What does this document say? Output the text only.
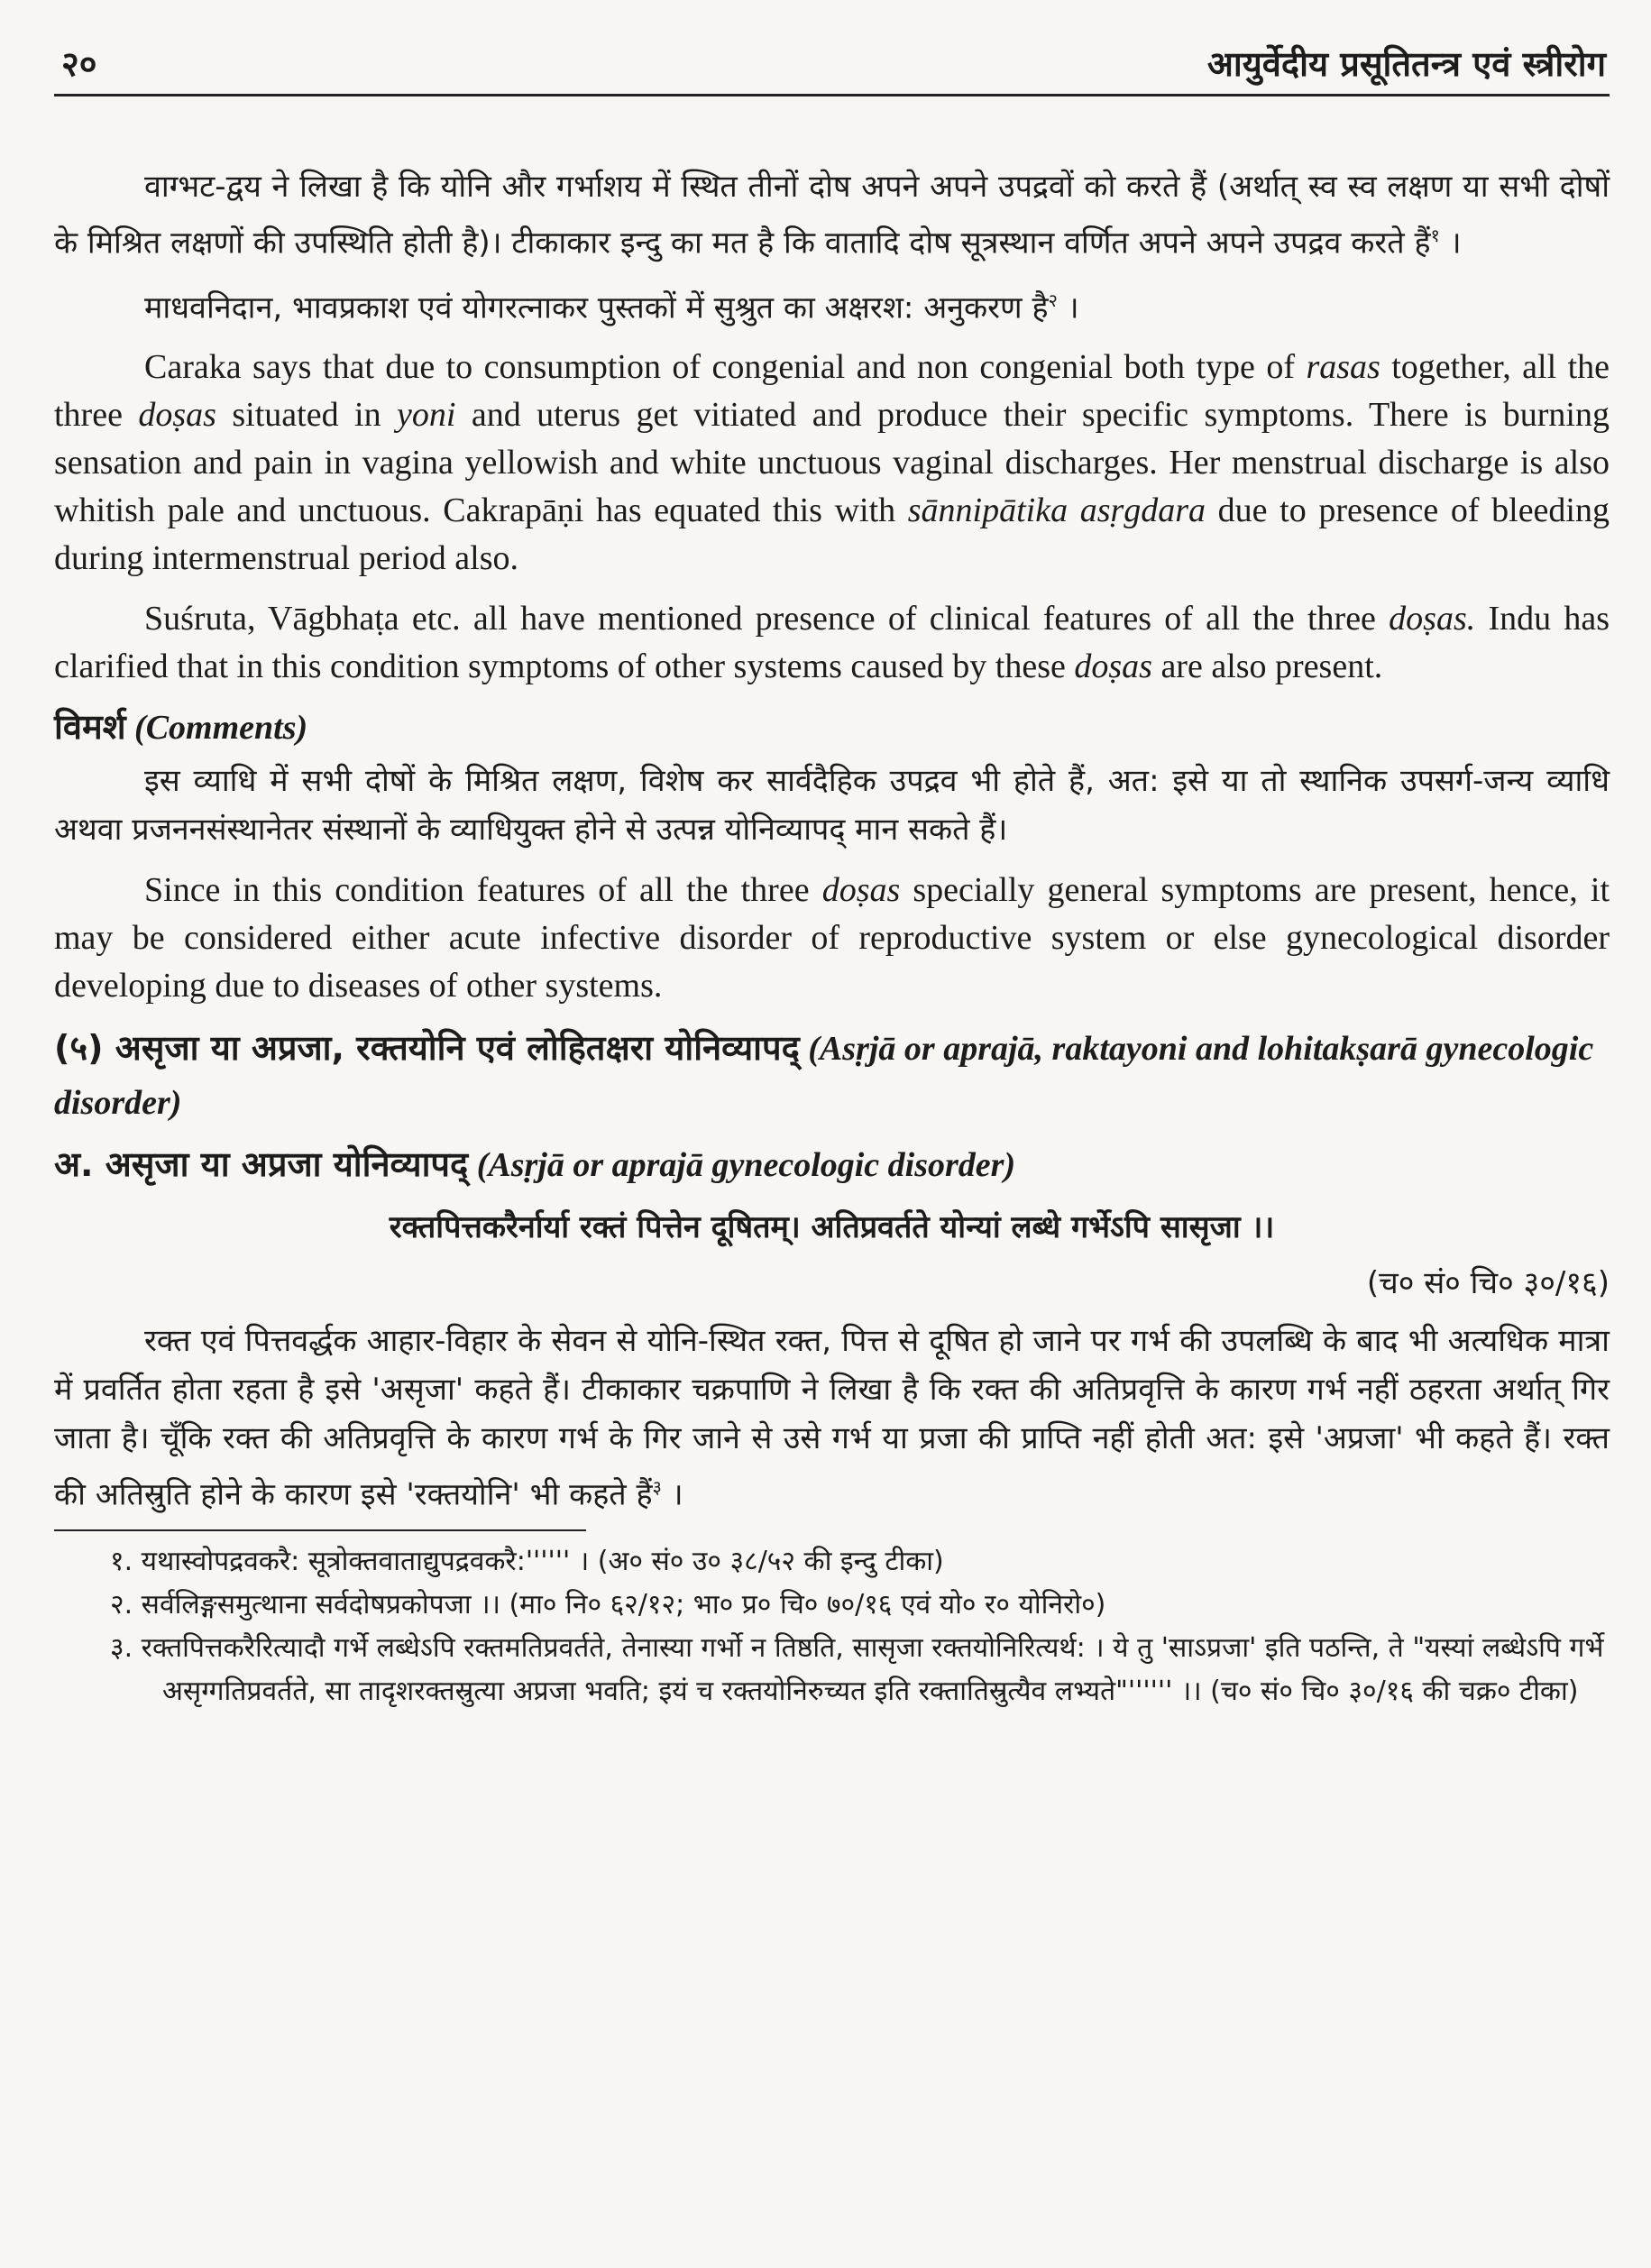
२०	आयुर्वेदीय प्रसूतितन्त्र एवं स्त्रीरोग

वाग्भट-द्वय ने लिखा है कि योनि और गर्भाशय में स्थित तीनों दोष अपने अपने उपद्रवों को करते हैं (अर्थात् स्व स्व लक्षण या सभी दोषों के मिश्रित लक्षणों की उपस्थिति होती है)। टीकाकार इन्दु का मत है कि वातादि दोष सूत्रस्थान वर्णित अपने अपने उपद्रव करते हैं$^१$ ।

माधवनिदान, भावप्रकाश एवं योगरत्नाकर पुस्तकों में सुश्रुत का अक्षरश: अनुकरण है$^२$ ।

Caraka says that due to consumption of congenial and non congenial both type of rasas together, all the three doṣas situated in yoni and uterus get vitiated and produce their specific symptoms. There is burning sensation and pain in vagina yellowish and white unctuous vaginal discharges. Her menstrual discharge is also whitish pale and unctuous. Cakrapāṇi has equated this with sānnipātika asṛgdara due to presence of bleeding during intermenstrual period also.

Suśruta, Vāgbhaṭa etc. all have mentioned presence of clinical features of all the three doṣas. Indu has clarified that in this condition symptoms of other systems caused by these doṣas are also present.

विमर्श (Comments)

इस व्याधि में सभी दोषों के मिश्रित लक्षण, विशेष कर सार्वदैहिक उपद्रव भी होते हैं, अत: इसे या तो स्थानिक उपसर्ग-जन्य व्याधि अथवा प्रजननसंस्थानेतर संस्थानों के व्याधियुक्त होने से उत्पन्न योनिव्यापद् मान सकते हैं।

Since in this condition features of all the three doṣas specially general symptoms are present, hence, it may be considered either acute infective disorder of reproductive system or else gynecological disorder developing due to diseases of other systems.

(५) असृजा या अप्रजा, रक्तयोनि एवं लोहितक्षरा योनिव्यापद् (Asṛjā or aprajā, raktayoni and lohitakṣarā gynecologic disorder)

अ. असृजा या अप्रजा योनिव्यापद् (Asṛjā or aprajā gynecologic disorder)

रक्तपित्तकरैर्नार्या रक्तं पित्तेन दूषितम्। अतिप्रवर्तते योन्यां लब्धे गर्भेऽपि सासृजा ।।

(च० सं० चि० ३०/१६)

रक्त एवं पित्तवर्द्धक आहार-विहार के सेवन से योनि-स्थित रक्त, पित्त से दूषित हो जाने पर गर्भ की उपलब्धि के बाद भी अत्यधिक मात्रा में प्रवर्तित होता रहता है इसे 'असृजा' कहते हैं। टीकाकार चक्रपाणि ने लिखा है कि रक्त की अतिप्रवृत्ति के कारण गर्भ नहीं ठहरता अर्थात् गिर जाता है। चूँकि रक्त की अतिप्रवृत्ति के कारण गर्भ के गिर जाने से उसे गर्भ या प्रजा की प्राप्ति नहीं होती अत: इसे 'अप्रजा' भी कहते हैं। रक्त की अतिस्रुति होने के कारण इसे 'रक्तयोनि' भी कहते हैं$^३$ ।

१. यथास्वोपद्रवकरै: सूत्रोक्तवाताद्युपद्रवकरै:'''''' । (अ० सं० उ० ३८/५२ की इन्दु टीका)

२. सर्वलिङ्गसमुत्थाना सर्वदोषप्रकोपजा ।। (मा० नि० ६२/१२; भा० प्र० चि० ७०/१६ एवं यो० र० योनिरो०)

३. रक्तपित्तकरैरित्यादौ गर्भे लब्धेऽपि रक्तमतिप्रवर्तते, तेनास्या गर्भो न तिष्ठति, सासृजा रक्तयोनिरित्यर्थ: । ये तु 'साऽप्रजा' इति पठन्ति, ते "यस्यां लब्धेऽपि गर्भे असृग्गतिप्रवर्तते, सा तादृशरक्तस्रुत्या अप्रजा भवति; इयं च रक्तयोनिरुच्यत इति रक्तातिस्रुत्यैव लभ्यते"'''''' ।। (च० सं० चि० ३०/१६ की चक्र० टीका)
